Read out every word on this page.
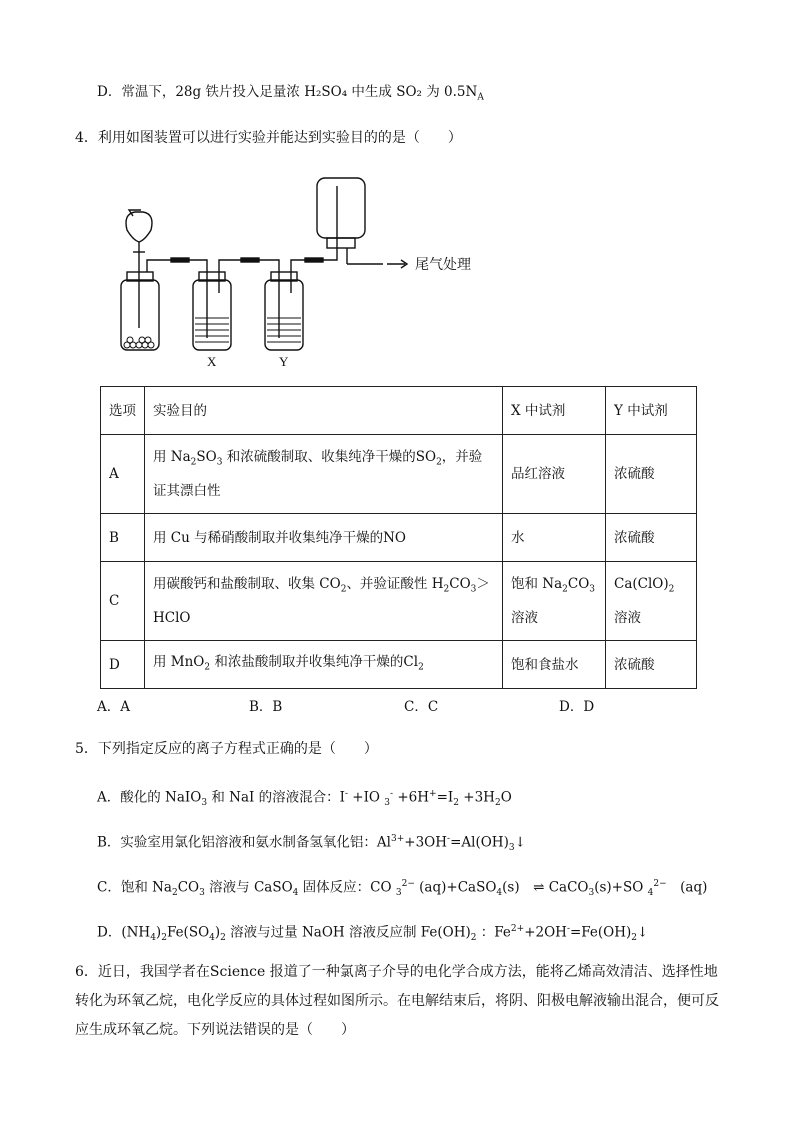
D．常温下，28g 铁片投入足量浓 H₂SO₄ 中生成 SO₂ 为 $0.5N_A$
4．利用如图装置可以进行实验并能达到实验目的的是（　　）
尾气处理
X	Y
选项	实验目的	X 中试剂	Y 中试剂
A	用 $Na_2SO_3$ 和浓硫酸制取、收集纯净干燥的$SO_2$，并验证其漂白性	品红溶液	浓硫酸
B	用 Cu 与稀硝酸制取并收集纯净干燥的NO	水	浓硫酸
C	用碳酸钙和盐酸制取、收集 $CO_2$、并验证酸性 $H_2CO_3>HClO$	饱和 $Na_2CO_3$溶液	$Ca(ClO)_2$ 溶液
D	用 MnO$_2$ 和浓盐酸制取并收集纯净干燥的$Cl_2$	饱和食盐水	浓硫酸
A．A	B．B	C．C	D．D
5．下列指定反应的离子方程式正确的是（　　）
A．酸化的 NaIO$_3$ 和 NaI 的溶液混合：I- +IO $_3^- +6H^+=I_2 +3H_2O$
B．实验室用氯化铝溶液和氨水制备氢氧化铝：$Al^{3+}+3OH^-=Al(OH)_3↓$
C．饱和 $Na_2CO_3$ 溶液与 CaSO$_4$ 固体反应：CO $_3^{2-}$ (aq)+CaSO$_4$(s)　⇌ CaCO$_3$(s)+SO $_4^{2-}$　(aq)
D．$(NH_4)_2Fe(SO_4)_2$ 溶液与过量 NaOH 溶液反应制 $Fe(OH)_2$ ：$Fe^{2+}+2OH^-=Fe(OH)_2↓$
6．近日，我国学者在Science 报道了一种氯离子介导的电化学合成方法，能将乙烯高效清洁、选择性地转化为环氧乙烷，电化学反应的具体过程如图所示。在电解结束后，将阴、阳极电解液输出混合，便可反应生成环氧乙烷。下列说法错误的是（　　）
